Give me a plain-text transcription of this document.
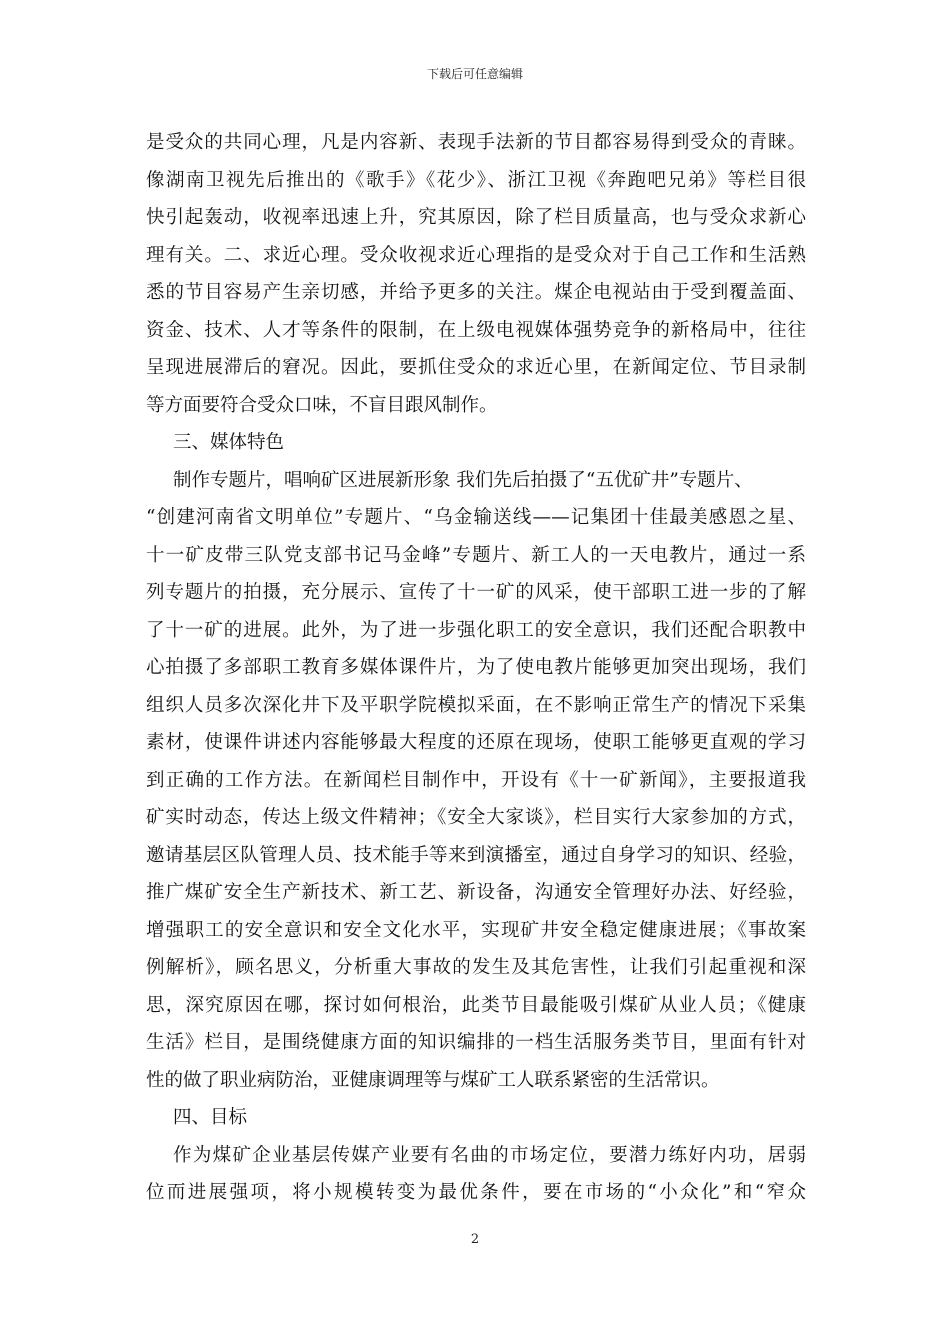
下载后可任意编辑
是受众的共同心理，凡是内容新、表现手法新的节目都容易得到受众的青睐。
像湖南卫视先后推出的《歌手》《花少》、浙江卫视《奔跑吧兄弟》等栏目很
快引起轰动，收视率迅速上升，究其原因，除了栏目质量高，也与受众求新心
理有关。二、求近心理。受众收视求近心理指的是受众对于自己工作和生活熟
悉的节目容易产生亲切感，并给予更多的关注。煤企电视站由于受到覆盖面、
资金、技术、人才等条件的限制，在上级电视媒体强势竞争的新格局中，往往
呈现进展滞后的窘况。因此，要抓住受众的求近心里，在新闻定位、节目录制
等方面要符合受众口味，不盲目跟风制作。
三、媒体特色
制作专题片，唱响矿区进展新形象 我们先后拍摄了“五优矿井”专题片、
“创建河南省文明单位”专题片、“乌金输送线——记集团十佳最美感恩之星、
十一矿皮带三队党支部书记马金峰”专题片、新工人的一天电教片，通过一系
列专题片的拍摄，充分展示、宣传了十一矿的风采，使干部职工进一步的了解
了十一矿的进展。此外，为了进一步强化职工的安全意识，我们还配合职教中
心拍摄了多部职工教育多媒体课件片，为了使电教片能够更加突出现场，我们
组织人员多次深化井下及平职学院模拟采面，在不影响正常生产的情况下采集
素材，使课件讲述内容能够最大程度的还原在现场，使职工能够更直观的学习
到正确的工作方法。在新闻栏目制作中，开设有《十一矿新闻》，主要报道我
矿实时动态，传达上级文件精神；《安全大家谈》，栏目实行大家参加的方式，
邀请基层区队管理人员、技术能手等来到演播室，通过自身学习的知识、经验，
推广煤矿安全生产新技术、新工艺、新设备，沟通安全管理好办法、好经验，
增强职工的安全意识和安全文化水平，实现矿井安全稳定健康进展；《事故案
例解析》，顾名思义，分析重大事故的发生及其危害性，让我们引起重视和深
思，深究原因在哪，探讨如何根治，此类节目最能吸引煤矿从业人员；《健康
生活》栏目，是围绕健康方面的知识编排的一档生活服务类节目，里面有针对
性的做了职业病防治，亚健康调理等与煤矿工人联系紧密的生活常识。
四、目标
作为煤矿企业基层传媒产业要有名曲的市场定位，要潜力练好内功，居弱
位而进展强项，将小规模转变为最优条件，要在市场的“小众化”和“窄众
2
